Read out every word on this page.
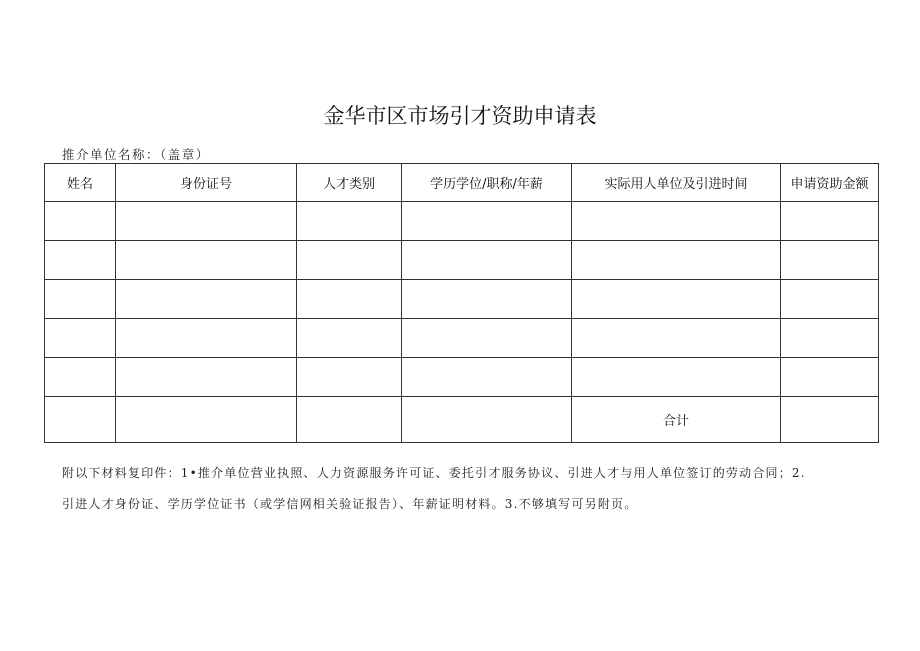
金华市区市场引才资助申请表
推介单位名称：（盖章）
姓名	身份证号	人才类别	学历学位/职称/年薪	实际用人单位及引进时间	申请资助金额

				合计	
附以下材料复印件：1•推介单位营业执照、人力资源服务许可证、委托引才服务协议、引进人才与用人单位签订的劳动合同；2.
引进人才身份证、学历学位证书（或学信网相关验证报告）、年薪证明材料。3.不够填写可另附页。
